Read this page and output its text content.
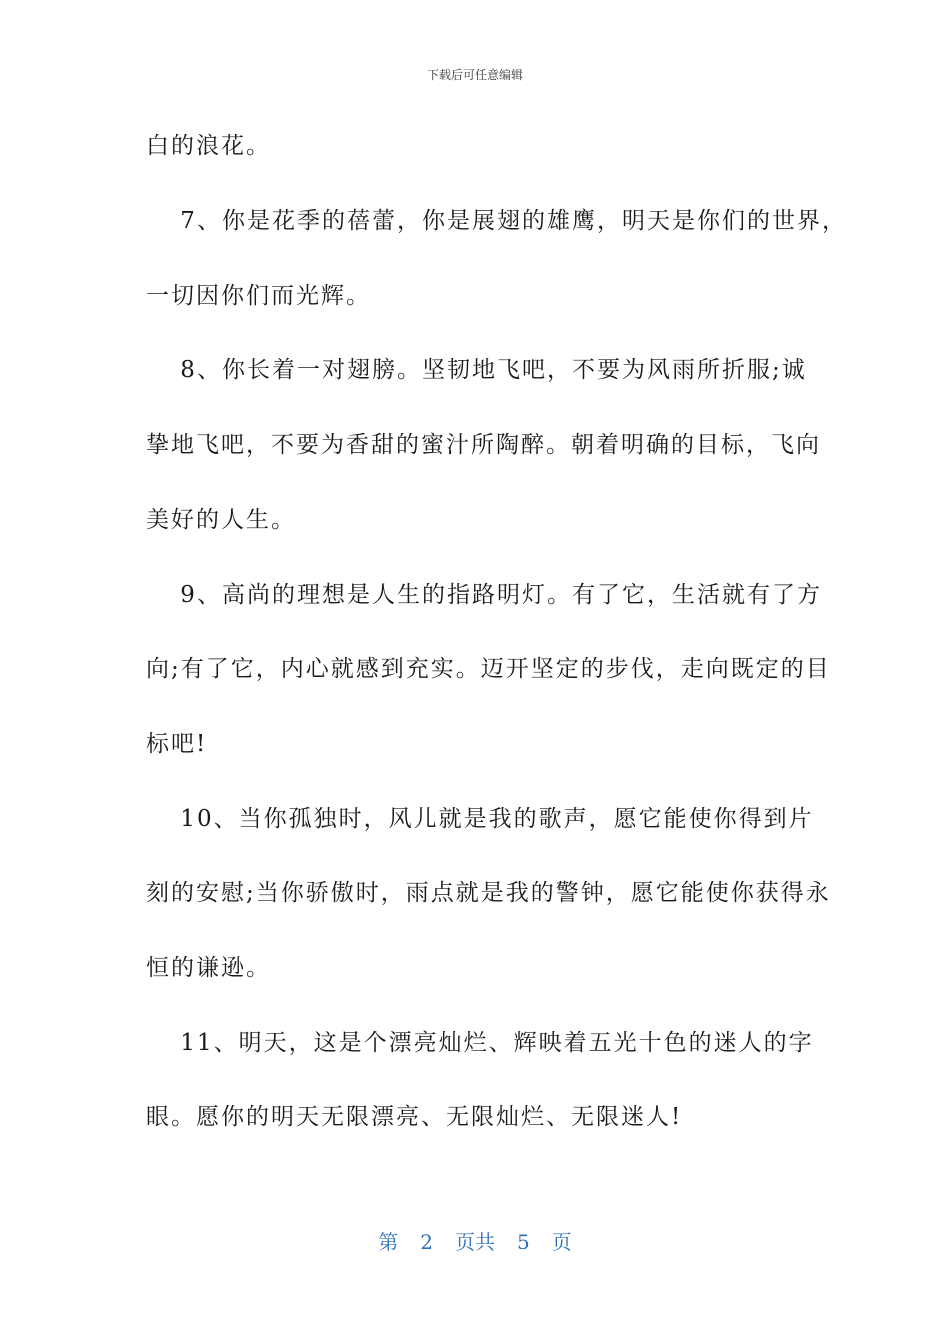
下载后可任意编辑
白的浪花。
　 7、你是花季的蓓蕾，你是展翅的雄鹰，明天是你们的世界，
一切因你们而光辉。
　 8、你长着一对翅膀。坚韧地飞吧，不要为风雨所折服;诚
挚地飞吧，不要为香甜的蜜汁所陶醉。朝着明确的目标，飞向
美好的人生。
　 9、高尚的理想是人生的指路明灯。有了它，生活就有了方
向;有了它，内心就感到充实。迈开坚定的步伐，走向既定的目
标吧!
　 10、当你孤独时，风儿就是我的歌声，愿它能使你得到片
刻的安慰;当你骄傲时，雨点就是我的警钟，愿它能使你获得永
恒的谦逊。
　 11、明天，这是个漂亮灿烂、辉映着五光十色的迷人的字
眼。愿你的明天无限漂亮、无限灿烂、无限迷人!
第 2 页共 5 页
